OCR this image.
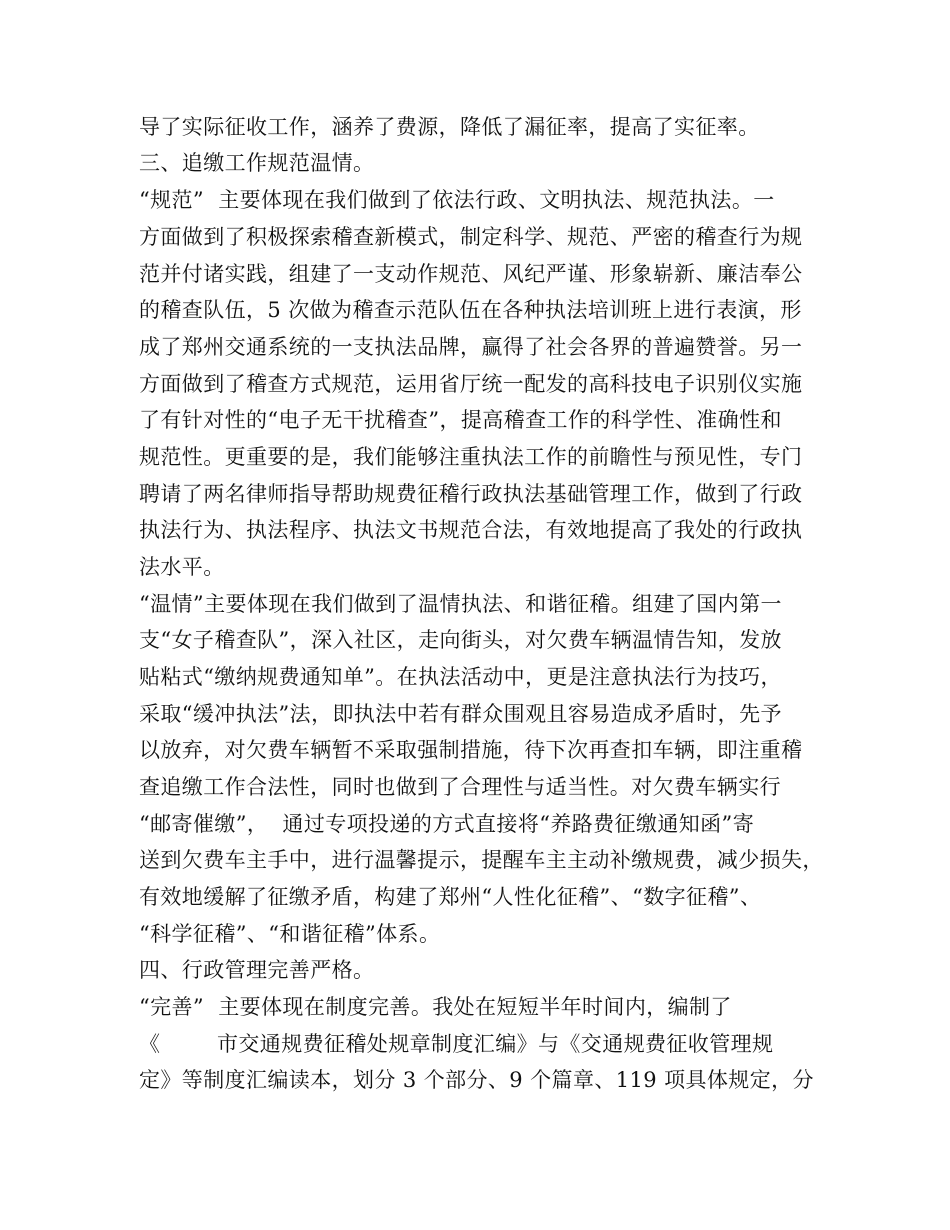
导了实际征收工作，涵养了费源，降低了漏征率，提高了实征率。
三、追缴工作规范温情。
“规范”  主要体现在我们做到了依法行政、文明执法、规范执法。一
方面做到了积极探索稽查新模式，制定科学、规范、严密的稽查行为规
范并付诸实践，组建了一支动作规范、风纪严谨、形象崭新、廉洁奉公
的稽查队伍，5 次做为稽查示范队伍在各种执法培训班上进行表演，形
成了郑州交通系统的一支执法品牌，赢得了社会各界的普遍赞誉。另一
方面做到了稽查方式规范，运用省厅统一配发的高科技电子识别仪实施
了有针对性的“电子无干扰稽查”，提高稽查工作的科学性、准确性和
规范性。更重要的是，我们能够注重执法工作的前瞻性与预见性，专门
聘请了两名律师指导帮助规费征稽行政执法基础管理工作，做到了行政
执法行为、执法程序、执法文书规范合法，有效地提高了我处的行政执
法水平。
“温情”主要体现在我们做到了温情执法、和谐征稽。组建了国内第一
支“女子稽查队”，深入社区，走向街头，对欠费车辆温情告知，发放
贴粘式“缴纳规费通知单”。在执法活动中，更是注意执法行为技巧，
采取“缓冲执法”法，即执法中若有群众围观且容易造成矛盾时，先予
以放弃，对欠费车辆暂不采取强制措施，待下次再查扣车辆，即注重稽
查追缴工作合法性，同时也做到了合理性与适当性。对欠费车辆实行
“邮寄催缴”，  通过专项投递的方式直接将“养路费征缴通知函”寄
送到欠费车主手中，进行温馨提示，提醒车主主动补缴规费，减少损失，
有效地缓解了征缴矛盾，构建了郑州“人性化征稽”、“数字征稽”、
“科学征稽”、“和谐征稽”体系。
四、行政管理完善严格。
“完善”  主要体现在制度完善。我处在短短半年时间内，编制了
《        市交通规费征稽处规章制度汇编》与《交通规费征收管理规
定》等制度汇编读本，划分 3 个部分、9 个篇章、119 项具体规定，分
